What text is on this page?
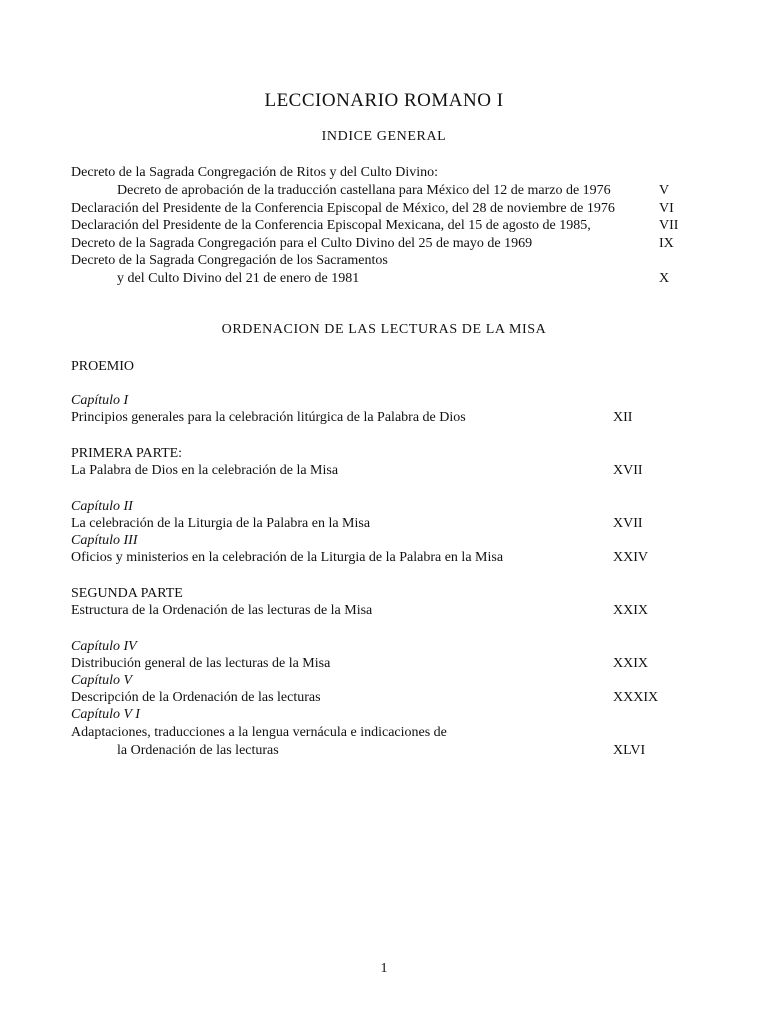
LECCIONARIO ROMANO I
INDICE GENERAL
Decreto de la Sagrada Congregación de Ritos y del Culto Divino:
Decreto de aprobación de la traducción castellana para México del 12 de marzo de 1976	V
Declaración del Presidente de la Conferencia Episcopal de México, del 28 de noviembre de 1976	VI
Declaración del Presidente de la Conferencia Episcopal Mexicana, del 15 de agosto de 1985,	VII
Decreto de la Sagrada Congregación para el Culto Divino del 25 de mayo de 1969	IX
Decreto de la Sagrada Congregación de los Sacramentos
y del Culto Divino del 21 de enero de 1981	X
ORDENACION DE LAS LECTURAS DE LA MISA
PROEMIO
Capítulo I
Principios generales para la celebración litúrgica de la Palabra de Dios	XII
PRIMERA PARTE:
La Palabra de Dios en la celebración de la Misa	XVII
Capítulo II
La celebración de la Liturgia de la Palabra en la Misa	XVII
Capítulo III
Oficios y ministerios en la celebración de la Liturgia de la Palabra en la Misa	XXIV
SEGUNDA PARTE
Estructura de la Ordenación de las lecturas de la Misa	XXIX
Capítulo IV
Distribución general de las lecturas de la Misa	XXIX
Capítulo V
Descripción de la Ordenación de las lecturas	XXXIX
Capítulo V I
Adaptaciones, traducciones a la lengua vernácula e indicaciones de
la Ordenación de las lecturas	XLVI
1
